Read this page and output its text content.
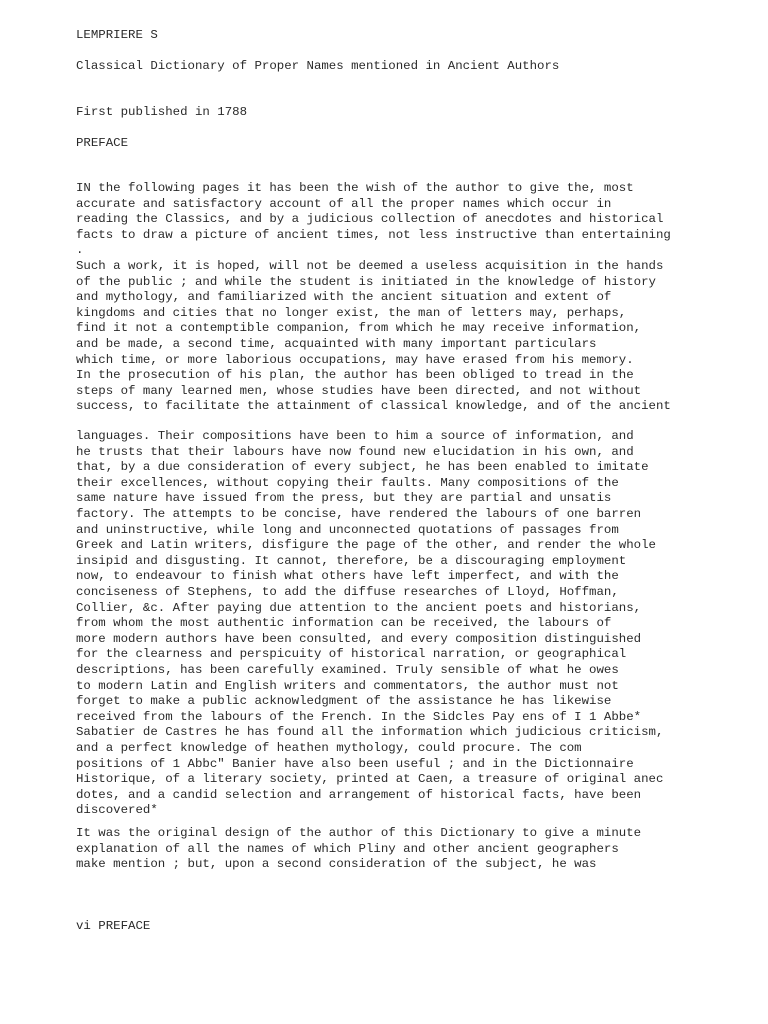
LEMPRIERE S

Classical Dictionary of Proper Names mentioned in Ancient Authors

First published in 1788

PREFACE

IN the following pages it has been the wish of the author to give the, most

accurate and satisfactory account of all the proper names which occur in

reading the Classics, and by a judicious collection of anecdotes and historical

facts to draw a picture of ancient times, not less instructive than entertaining

.

Such a work, it is hoped, will not be deemed a useless acquisition in the hands

of the public ; and while the student is initiated in the knowledge of history

and mythology, and familiarized with the ancient situation and extent of

kingdoms and cities that no longer exist, the man of letters may, perhaps,

find it not a contemptible companion, from which he may receive information,

and be made, a second time, acquainted with many important particulars

which time, or more laborious occupations, may have erased from his memory.

In the prosecution of his plan, the author has been obliged to tread in the

steps of many learned men, whose studies have been directed, and not without

success, to facilitate the attainment of classical knowledge, and of the ancient

languages. Their compositions have been to him a source of information, and

he trusts that their labours have now found new elucidation in his own, and

that, by a due consideration of every subject, he has been enabled to imitate

their excellences, without copying their faults. Many compositions of the

same nature have issued from the press, but they are partial and unsatis

factory. The attempts to be concise, have rendered the labours of one barren

and uninstructive, while long and unconnected quotations of passages from

Greek and Latin writers, disfigure the page of the other, and render the whole

insipid and disgusting. It cannot, therefore, be a discouraging employment

now, to endeavour to finish what others have left imperfect, and with the

conciseness of Stephens, to add the diffuse researches of Lloyd, Hoffman,

Collier, &c. After paying due attention to the ancient poets and historians,

from whom the most authentic information can be received, the labours of

more modern authors have been consulted, and every composition distinguished

for the clearness and perspicuity of historical narration, or geographical

descriptions, has been carefully examined. Truly sensible of what he owes

to modern Latin and English writers and commentators, the author must not

forget to make a public acknowledgment of the assistance he has likewise

received from the labours of the French. In the Sidcles Pay ens of I 1 Abbe*

Sabatier de Castres he has found all the information which judicious criticism,

and a perfect knowledge of heathen mythology, could procure. The com

positions of 1 Abbc" Banier have also been useful ; and in the Dictionnaire

Historique, of a literary society, printed at Caen, a treasure of original anec

dotes, and a candid selection and arrangement of historical facts, have been

discovered*

It was the original design of the author of this Dictionary to give a minute

explanation of all the names of which Pliny and other ancient geographers

make mention ; but, upon a second consideration of the subject, he was

vi PREFACE
